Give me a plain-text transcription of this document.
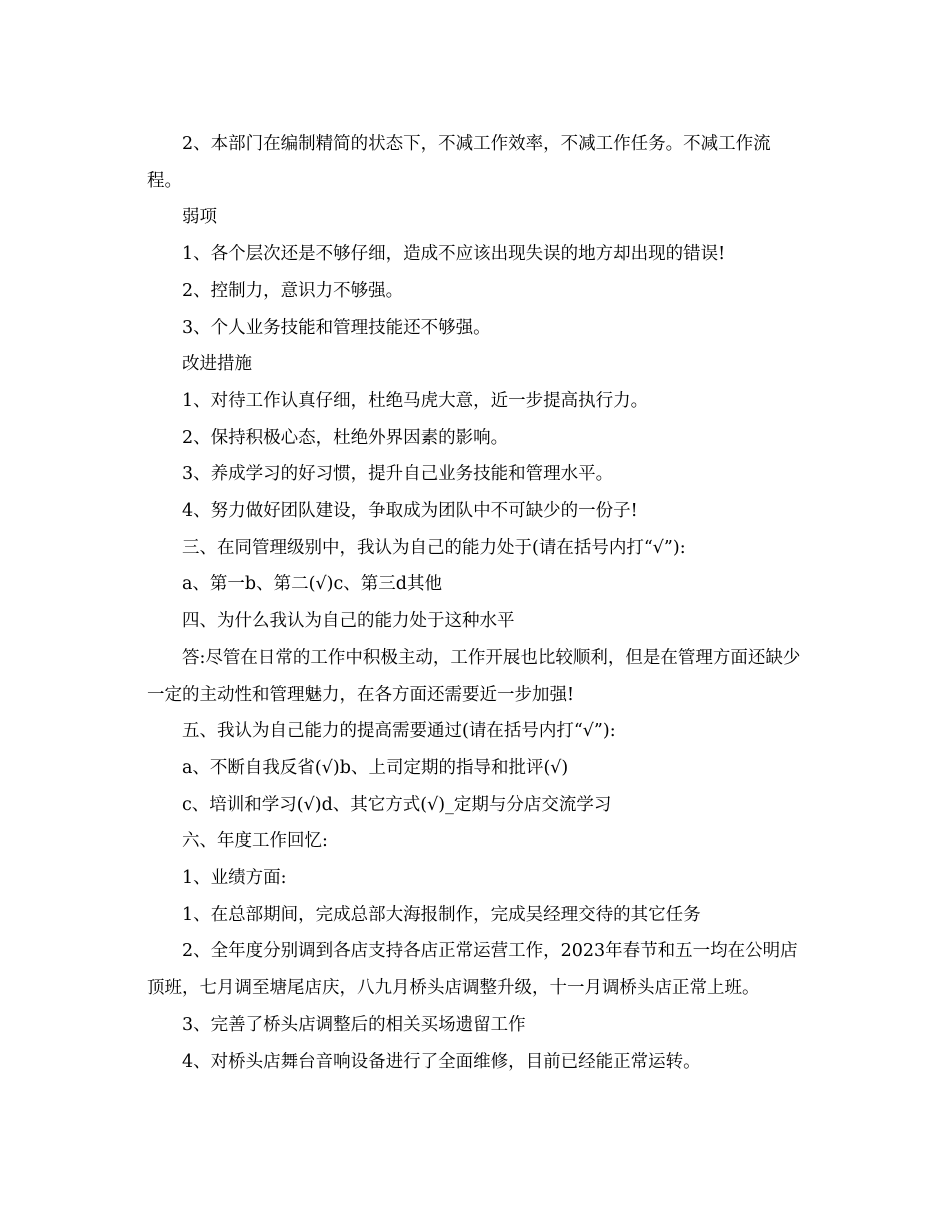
2、本部门在编制精简的状态下，不减工作效率，不减工作任务。不减工作流程。

弱项

1、各个层次还是不够仔细，造成不应该出现失误的地方却出现的错误!

2、控制力，意识力不够强。

3、个人业务技能和管理技能还不够强。

改进措施

1、对待工作认真仔细，杜绝马虎大意，近一步提高执行力。

2、保持积极心态，杜绝外界因素的影响。

3、养成学习的好习惯，提升自己业务技能和管理水平。

4、努力做好团队建设，争取成为团队中不可缺少的一份子!

三、在同管理级别中，我认为自己的能力处于(请在括号内打“√”):

a、第一b、第二(√)c、第三d其他

四、为什么我认为自己的能力处于这种水平

答:尽管在日常的工作中积极主动，工作开展也比较顺利，但是在管理方面还缺少一定的主动性和管理魅力，在各方面还需要近一步加强!

五、我认为自己能力的提高需要通过(请在括号内打“√”):

a、不断自我反省(√)b、上司定期的指导和批评(√)

c、培训和学习(√)d、其它方式(√)_定期与分店交流学习

六、年度工作回忆:

1、业绩方面:

1、在总部期间，完成总部大海报制作，完成吴经理交待的其它任务

2、全年度分别调到各店支持各店正常运营工作，2023年春节和五一均在公明店顶班，七月调至塘尾店庆，八九月桥头店调整升级，十一月调桥头店正常上班。

3、完善了桥头店调整后的相关买场遗留工作

4、对桥头店舞台音响设备进行了全面维修，目前已经能正常运转。
